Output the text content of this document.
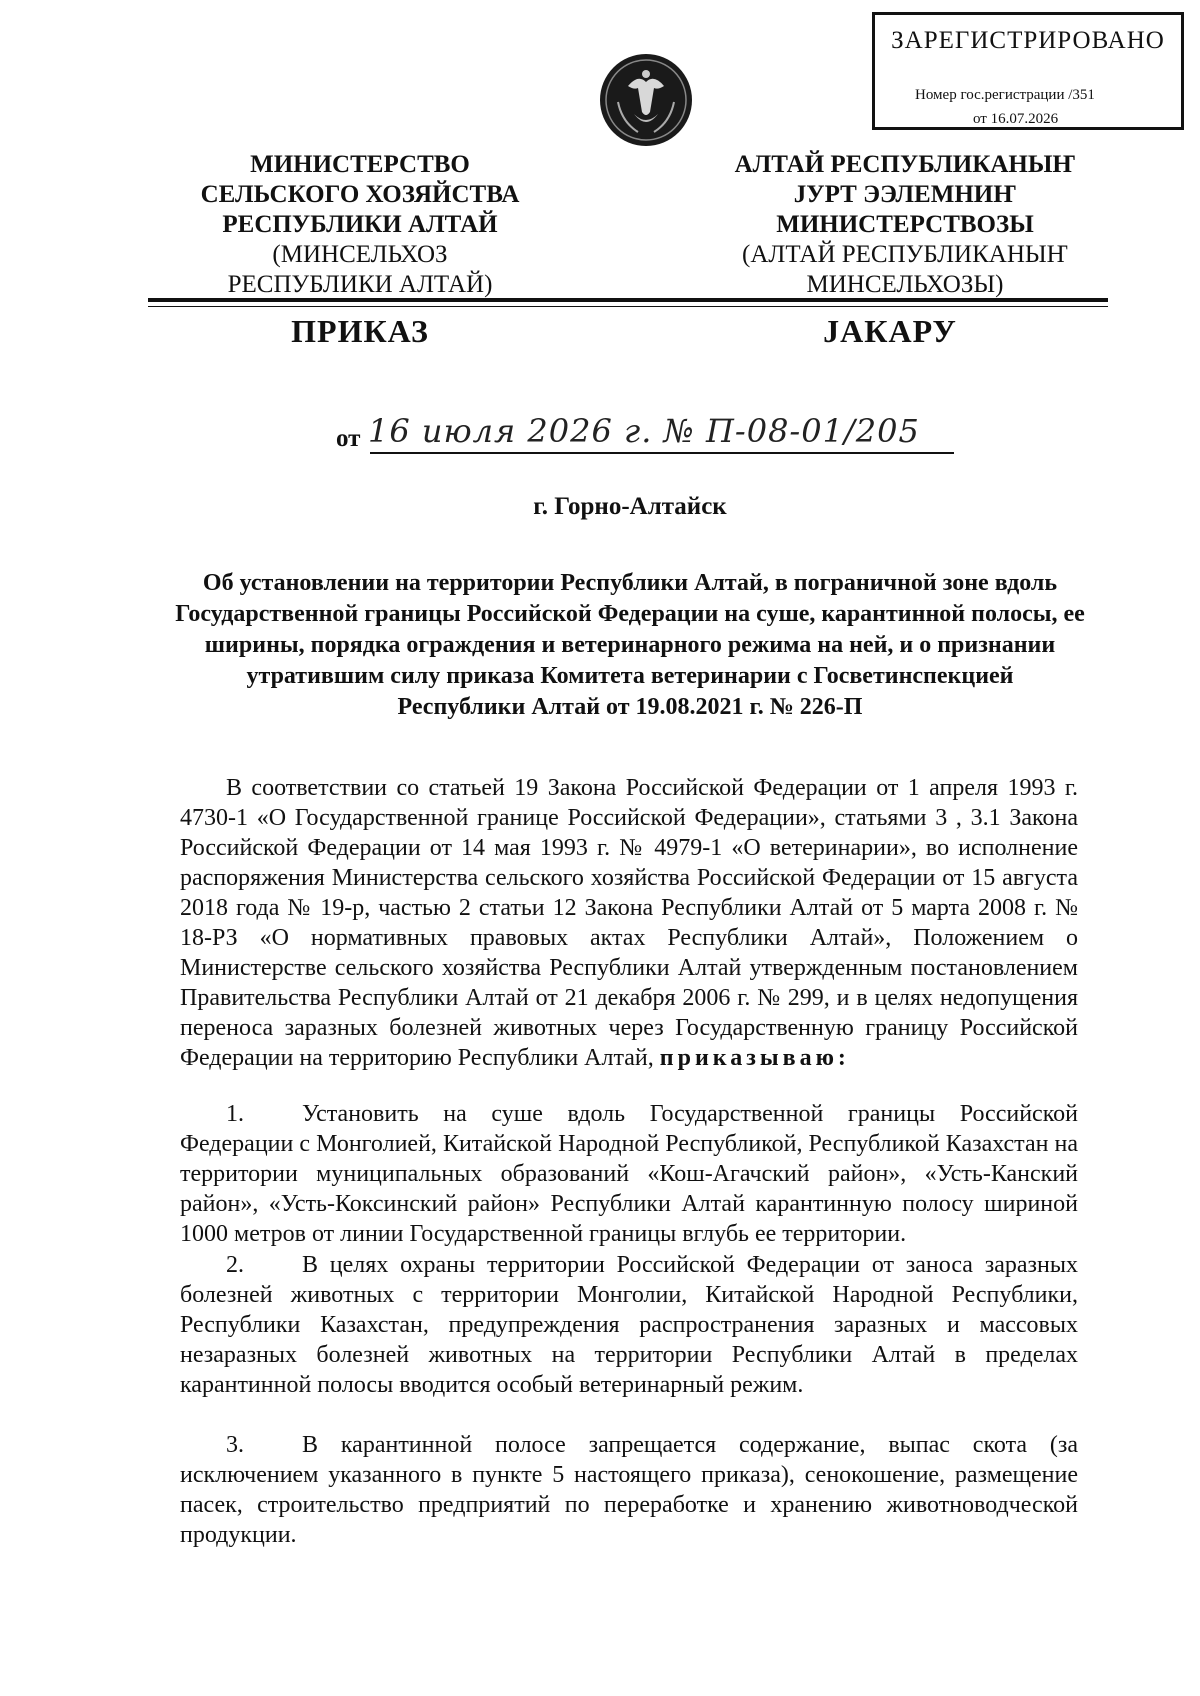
ЗАРЕГИСТРИРОВАНО
Номер гос.регистрации /351
от 16.07.2026
МИНИСТЕРСТВО
СЕЛЬСКОГО ХОЗЯЙСТВА
РЕСПУБЛИКИ АЛТАЙ
(МИНСЕЛЬХОЗ
РЕСПУБЛИКИ АЛТАЙ)
АЛТАЙ РЕСПУБЛИКАНЫҤ
ЈУРТ ЭЭЛЕМНИҤ
МИНИСТЕРСТВОЗЫ
(АЛТАЙ РЕСПУБЛИКАНЫҤ
МИНСЕЛЬХОЗЫ)
ПРИКАЗ	ЈАКАРУ
от 16 июля 2026 г. № П-08-01/205
г. Горно-Алтайск
Об установлении на территории Республики Алтай, в пограничной зоне вдоль
Государственной границы Российской Федерации на суше, карантинной полосы, ее
ширины, порядка ограждения и ветеринарного режима на ней, и о признании
утратившим силу приказа Комитета ветеринарии с Госветинспекцией
Республики Алтай от 19.08.2021 г. № 226-П
В соответствии со статьей 19 Закона Российской Федерации от 1 апреля 1993 г. 4730-1 «О Государственной границе Российской Федерации», статьями 3 , 3.1 Закона Российской Федерации от 14 мая 1993 г. № 4979-1 «О ветеринарии», во исполнение распоряжения Министерства сельского хозяйства Российской Федерации от 15 августа 2018 года № 19-р, частью 2 статьи 12 Закона Республики Алтай от 5 марта 2008 г. № 18-РЗ «О нормативных правовых актах Республики Алтай», Положением о Министерстве сельского хозяйства Республики Алтай утвержденным постановлением Правительства Республики Алтай от 21 декабря 2006 г. № 299, и в целях недопущения переноса заразных болезней животных через Государственную границу Российской Федерации на территорию Республики Алтай, приказываю:
1. Установить на суше вдоль Государственной границы Российской Федерации с Монголией, Китайской Народной Республикой, Республикой Казахстан на территории муниципальных образований «Кош-Агачский район», «Усть-Канский район», «Усть-Коксинский район» Республики Алтай карантинную полосу шириной 1000 метров от линии Государственной границы вглубь ее территории.
2. В целях охраны территории Российской Федерации от заноса заразных болезней животных с территории Монголии, Китайской Народной Республики, Республики Казахстан, предупреждения распространения заразных и массовых незаразных болезней животных на территории Республики Алтай в пределах карантинной полосы вводится особый ветеринарный режим.
3. В карантинной полосе запрещается содержание, выпас скота (за исключением указанного в пункте 5 настоящего приказа), сенокошение, размещение пасек, строительство предприятий по переработке и хранению животноводческой продукции.
